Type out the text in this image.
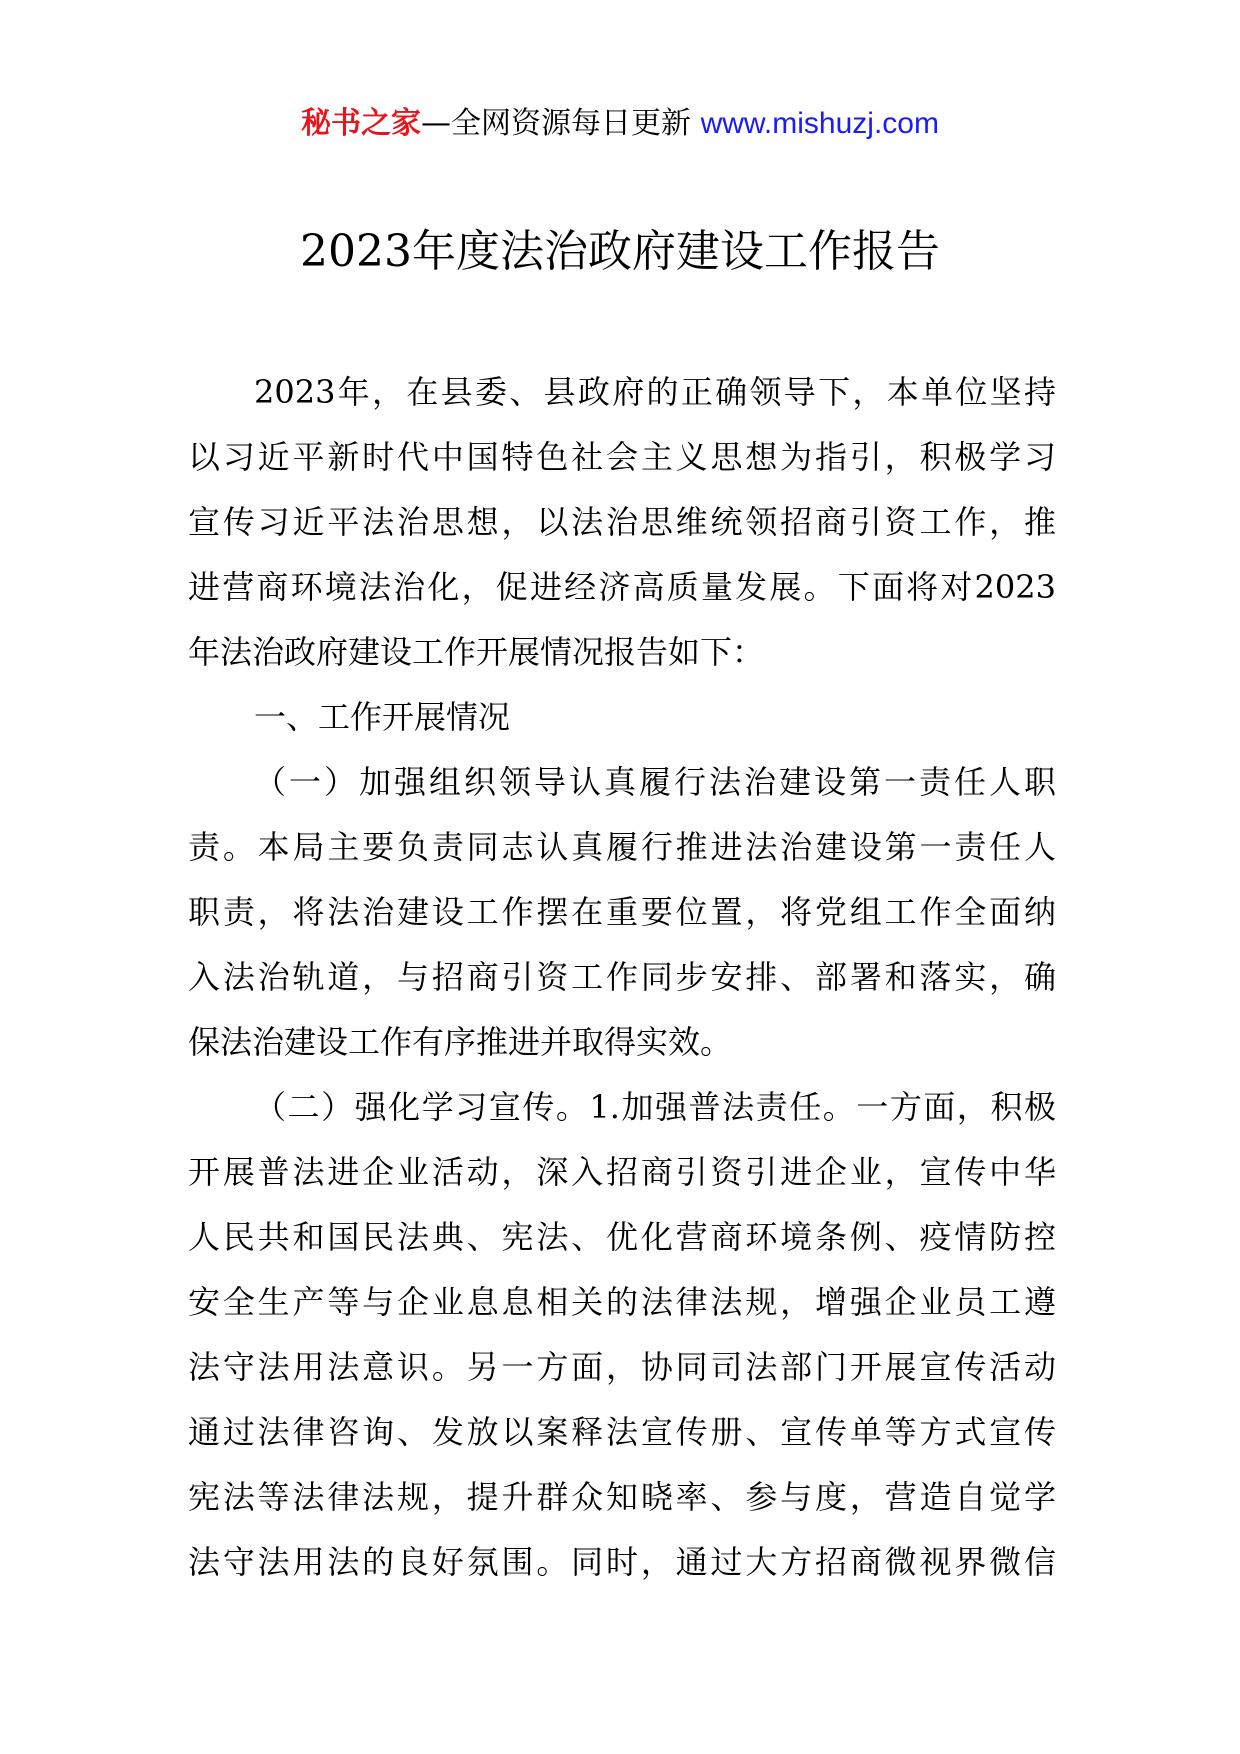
秘书之家—全网资源每日更新 www.mishuzj.com
2023年度法治政府建设工作报告
2023年，在县委、县政府的正确领导下，本单位坚持
以习近平新时代中国特色社会主义思想为指引，积极学习
宣传习近平法治思想，以法治思维统领招商引资工作，推
进营商环境法治化，促进经济高质量发展。下面将对2023
年法治政府建设工作开展情况报告如下：
一、工作开展情况
（一）加强组织领导认真履行法治建设第一责任人职
责。本局主要负责同志认真履行推进法治建设第一责任人
职责，将法治建设工作摆在重要位置，将党组工作全面纳
入法治轨道，与招商引资工作同步安排、部署和落实，确
保法治建设工作有序推进并取得实效。
（二）强化学习宣传。1.加强普法责任。一方面，积极
开展普法进企业活动，深入招商引资引进企业，宣传中华
人民共和国民法典、宪法、优化营商环境条例、疫情防控
安全生产等与企业息息相关的法律法规，增强企业员工遵
法守法用法意识。另一方面，协同司法部门开展宣传活动
通过法律咨询、发放以案释法宣传册、宣传单等方式宣传
宪法等法律法规，提升群众知晓率、参与度，营造自觉学
法守法用法的良好氛围。同时，通过大方招商微视界微信
